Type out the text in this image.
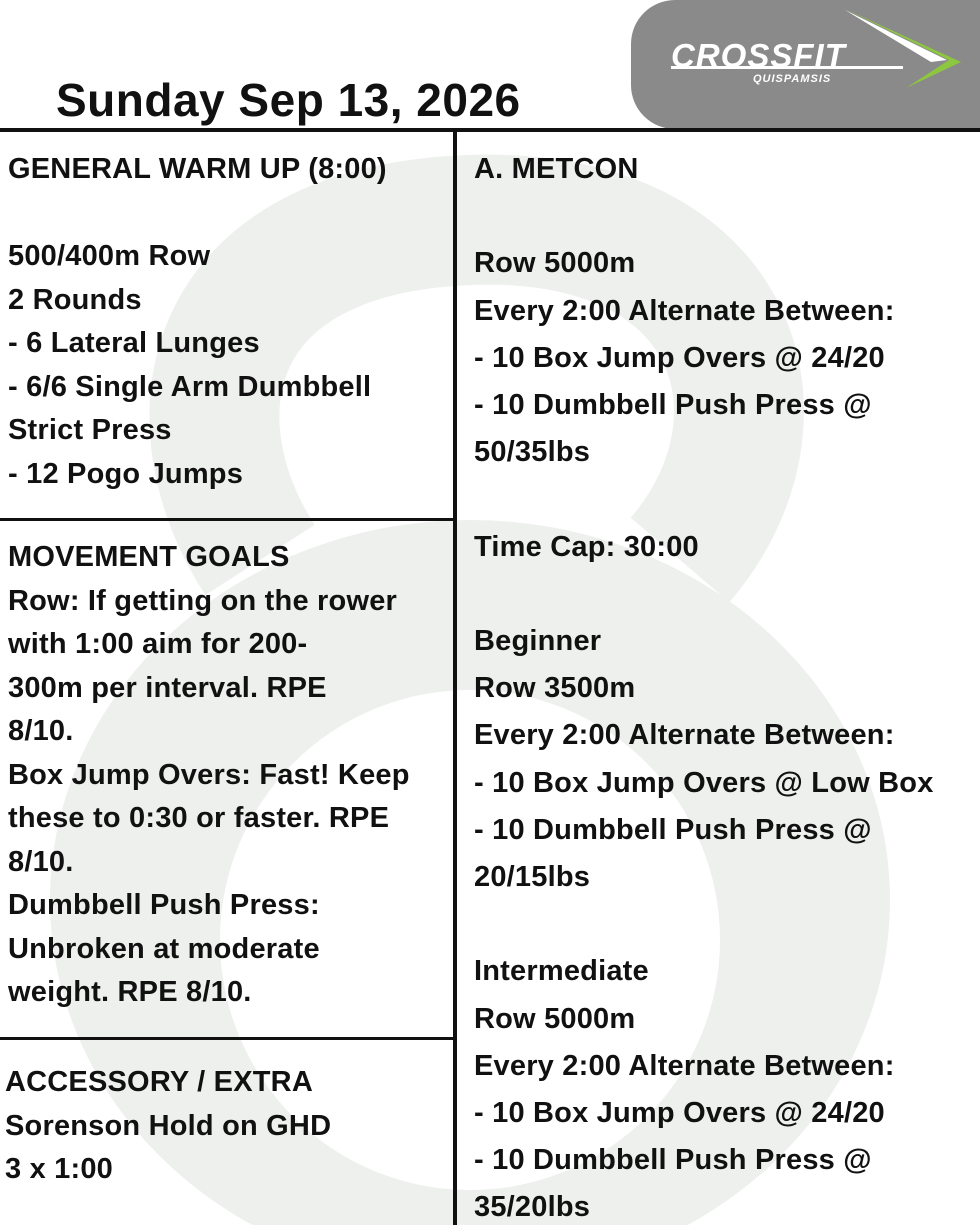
Sunday Sep 13, 2026
CROSSFIT
QUISPAMSIS
GENERAL WARM UP (8:00)
500/400m Row
2 Rounds
- 6 Lateral Lunges
- 6/6 Single Arm Dumbbell
Strict Press
- 12 Pogo Jumps
MOVEMENT GOALS
Row: If getting on the rower
with 1:00 aim for 200-
300m per interval. RPE
8/10.
Box Jump Overs: Fast! Keep
these to 0:30 or faster. RPE
8/10.
Dumbbell Push Press:
Unbroken at moderate
weight. RPE 8/10.
ACCESSORY / EXTRA
Sorenson Hold on GHD
3 x 1:00
A. METCON
Row 5000m
Every 2:00 Alternate Between:
- 10 Box Jump Overs @ 24/20
- 10 Dumbbell Push Press @
50/35lbs
Time Cap: 30:00
Beginner
Row 3500m
Every 2:00 Alternate Between:
- 10 Box Jump Overs @ Low Box
- 10 Dumbbell Push Press @
20/15lbs
Intermediate
Row 5000m
Every 2:00 Alternate Between:
- 10 Box Jump Overs @ 24/20
- 10 Dumbbell Push Press @
35/20lbs
